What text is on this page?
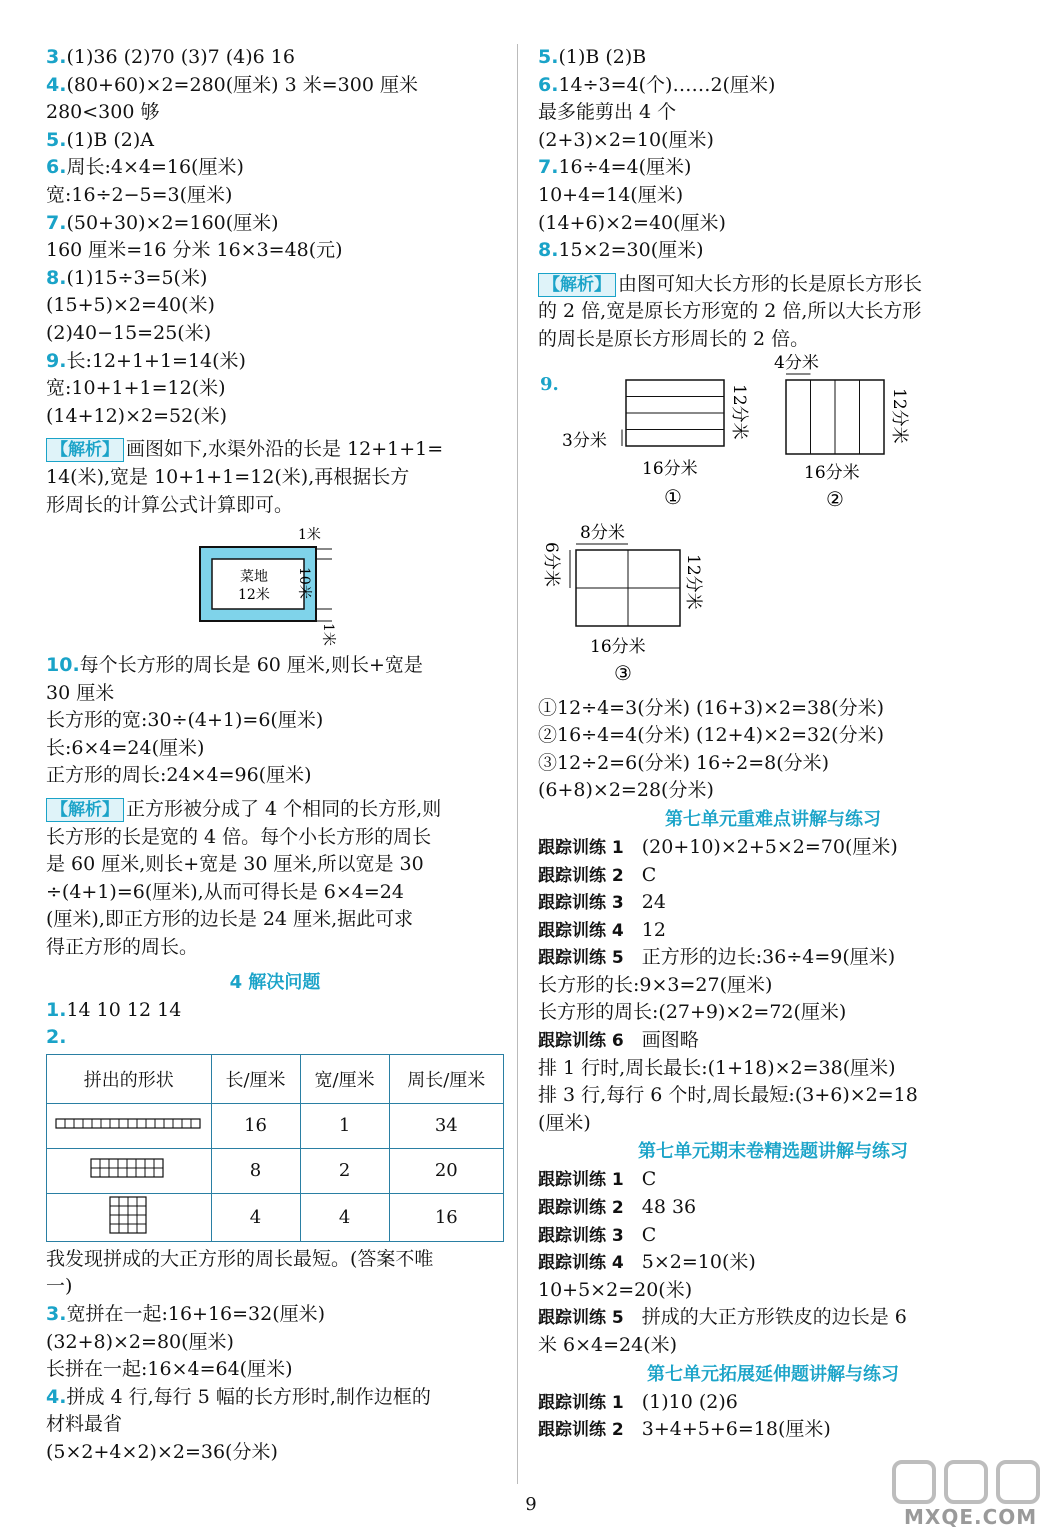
3.(1)36 (2)70 (3)7 (4)6 16
4.(80+60)×2=280(厘米) 3 米=300 厘米
280<300 够
5.(1)B (2)A
6.周长:4×4=16(厘米)
宽:16÷2−5=3(厘米)
7.(50+30)×2=160(厘米)
160 厘米=16 分米 16×3=48(元)
8.(1)15÷3=5(米)
(15+5)×2=40(米)
(2)40−15=25(米)
9.长:12+1+1=14(米)
宽:10+1+1=12(米)
(14+12)×2=52(米)
【解析】 画图如下,水渠外沿的长是 12+1+1=
14(米),宽是 10+1+1=12(米),再根据长方
形周长的计算公式计算即可。
1米
菜地
12米 10米
1米
10.每个长方形的周长是 60 厘米,则长+宽是
30 厘米
长方形的宽:30÷(4+1)=6(厘米)
长:6×4=24(厘米)
正方形的周长:24×4=96(厘米)
【解析】 正方形被分成了 4 个相同的长方形,则
长方形的长是宽的 4 倍。每个小长方形的周长
是 60 厘米,则长+宽是 30 厘米,所以宽是 30
÷(4+1)=6(厘米),从而可得长是 6×4=24
(厘米),即正方形的边长是 24 厘米,据此可求
得正方形的周长。
4 解决问题
1.14 10 12 14
2.
拼出的形状	长/厘米	宽/厘米	周长/厘米
	16	1	34
	8	2	20
	4	4	16
我发现拼成的大正方形的周长最短。(答案不唯
一)
3.宽拼在一起:16+16=32(厘米)
(32+8)×2=80(厘米)
长拼在一起:16×4=64(厘米)
4.拼成 4 行,每行 5 幅的长方形时,制作边框的
材料最省
(5×2+4×2)×2=36(分米)
5.(1)B (2)B
6.14÷3=4(个)……2(厘米)
最多能剪出 4 个
(2+3)×2=10(厘米)
7.16÷4=4(厘米)
10+4=14(厘米)
(14+6)×2=40(厘米)
8.15×2=30(厘米)
【解析】 由图可知大长方形的长是原长方形长
的 2 倍,宽是原长方形宽的 2 倍,所以大长方形
的周长是原长方形周长的 2 倍。
9.
3分米
12分米
16分米
①
4分米
12分米
16分米
②
8分米
6分米	12分米
16分米
③
①12÷4=3(分米) (16+3)×2=38(分米)
②16÷4=4(分米) (12+4)×2=32(分米)
③12÷2=6(分米) 16÷2=8(分米)
(6+8)×2=28(分米)
第七单元重难点讲解与练习
跟踪训练 1 (20+10)×2+5×2=70(厘米)
跟踪训练 2 C
跟踪训练 3 24
跟踪训练 4 12
跟踪训练 5 正方形的边长:36÷4=9(厘米)
长方形的长:9×3=27(厘米)
长方形的周长:(27+9)×2=72(厘米)
跟踪训练 6 画图略
排 1 行时,周长最长:(1+18)×2=38(厘米)
排 3 行,每行 6 个时,周长最短:(3+6)×2=18
(厘米)
第七单元期末卷精选题讲解与练习
跟踪训练 1 C
跟踪训练 2 48 36
跟踪训练 3 C
跟踪训练 4 5×2=10(米)
10+5×2=20(米)
跟踪训练 5 拼成的大正方形铁皮的边长是 6
米 6×4=24(米)
第七单元拓展延伸题讲解与练习
跟踪训练 1 (1)10 (2)6
跟踪训练 2 3+4+5+6=18(厘米)
9
MXQE.COM
